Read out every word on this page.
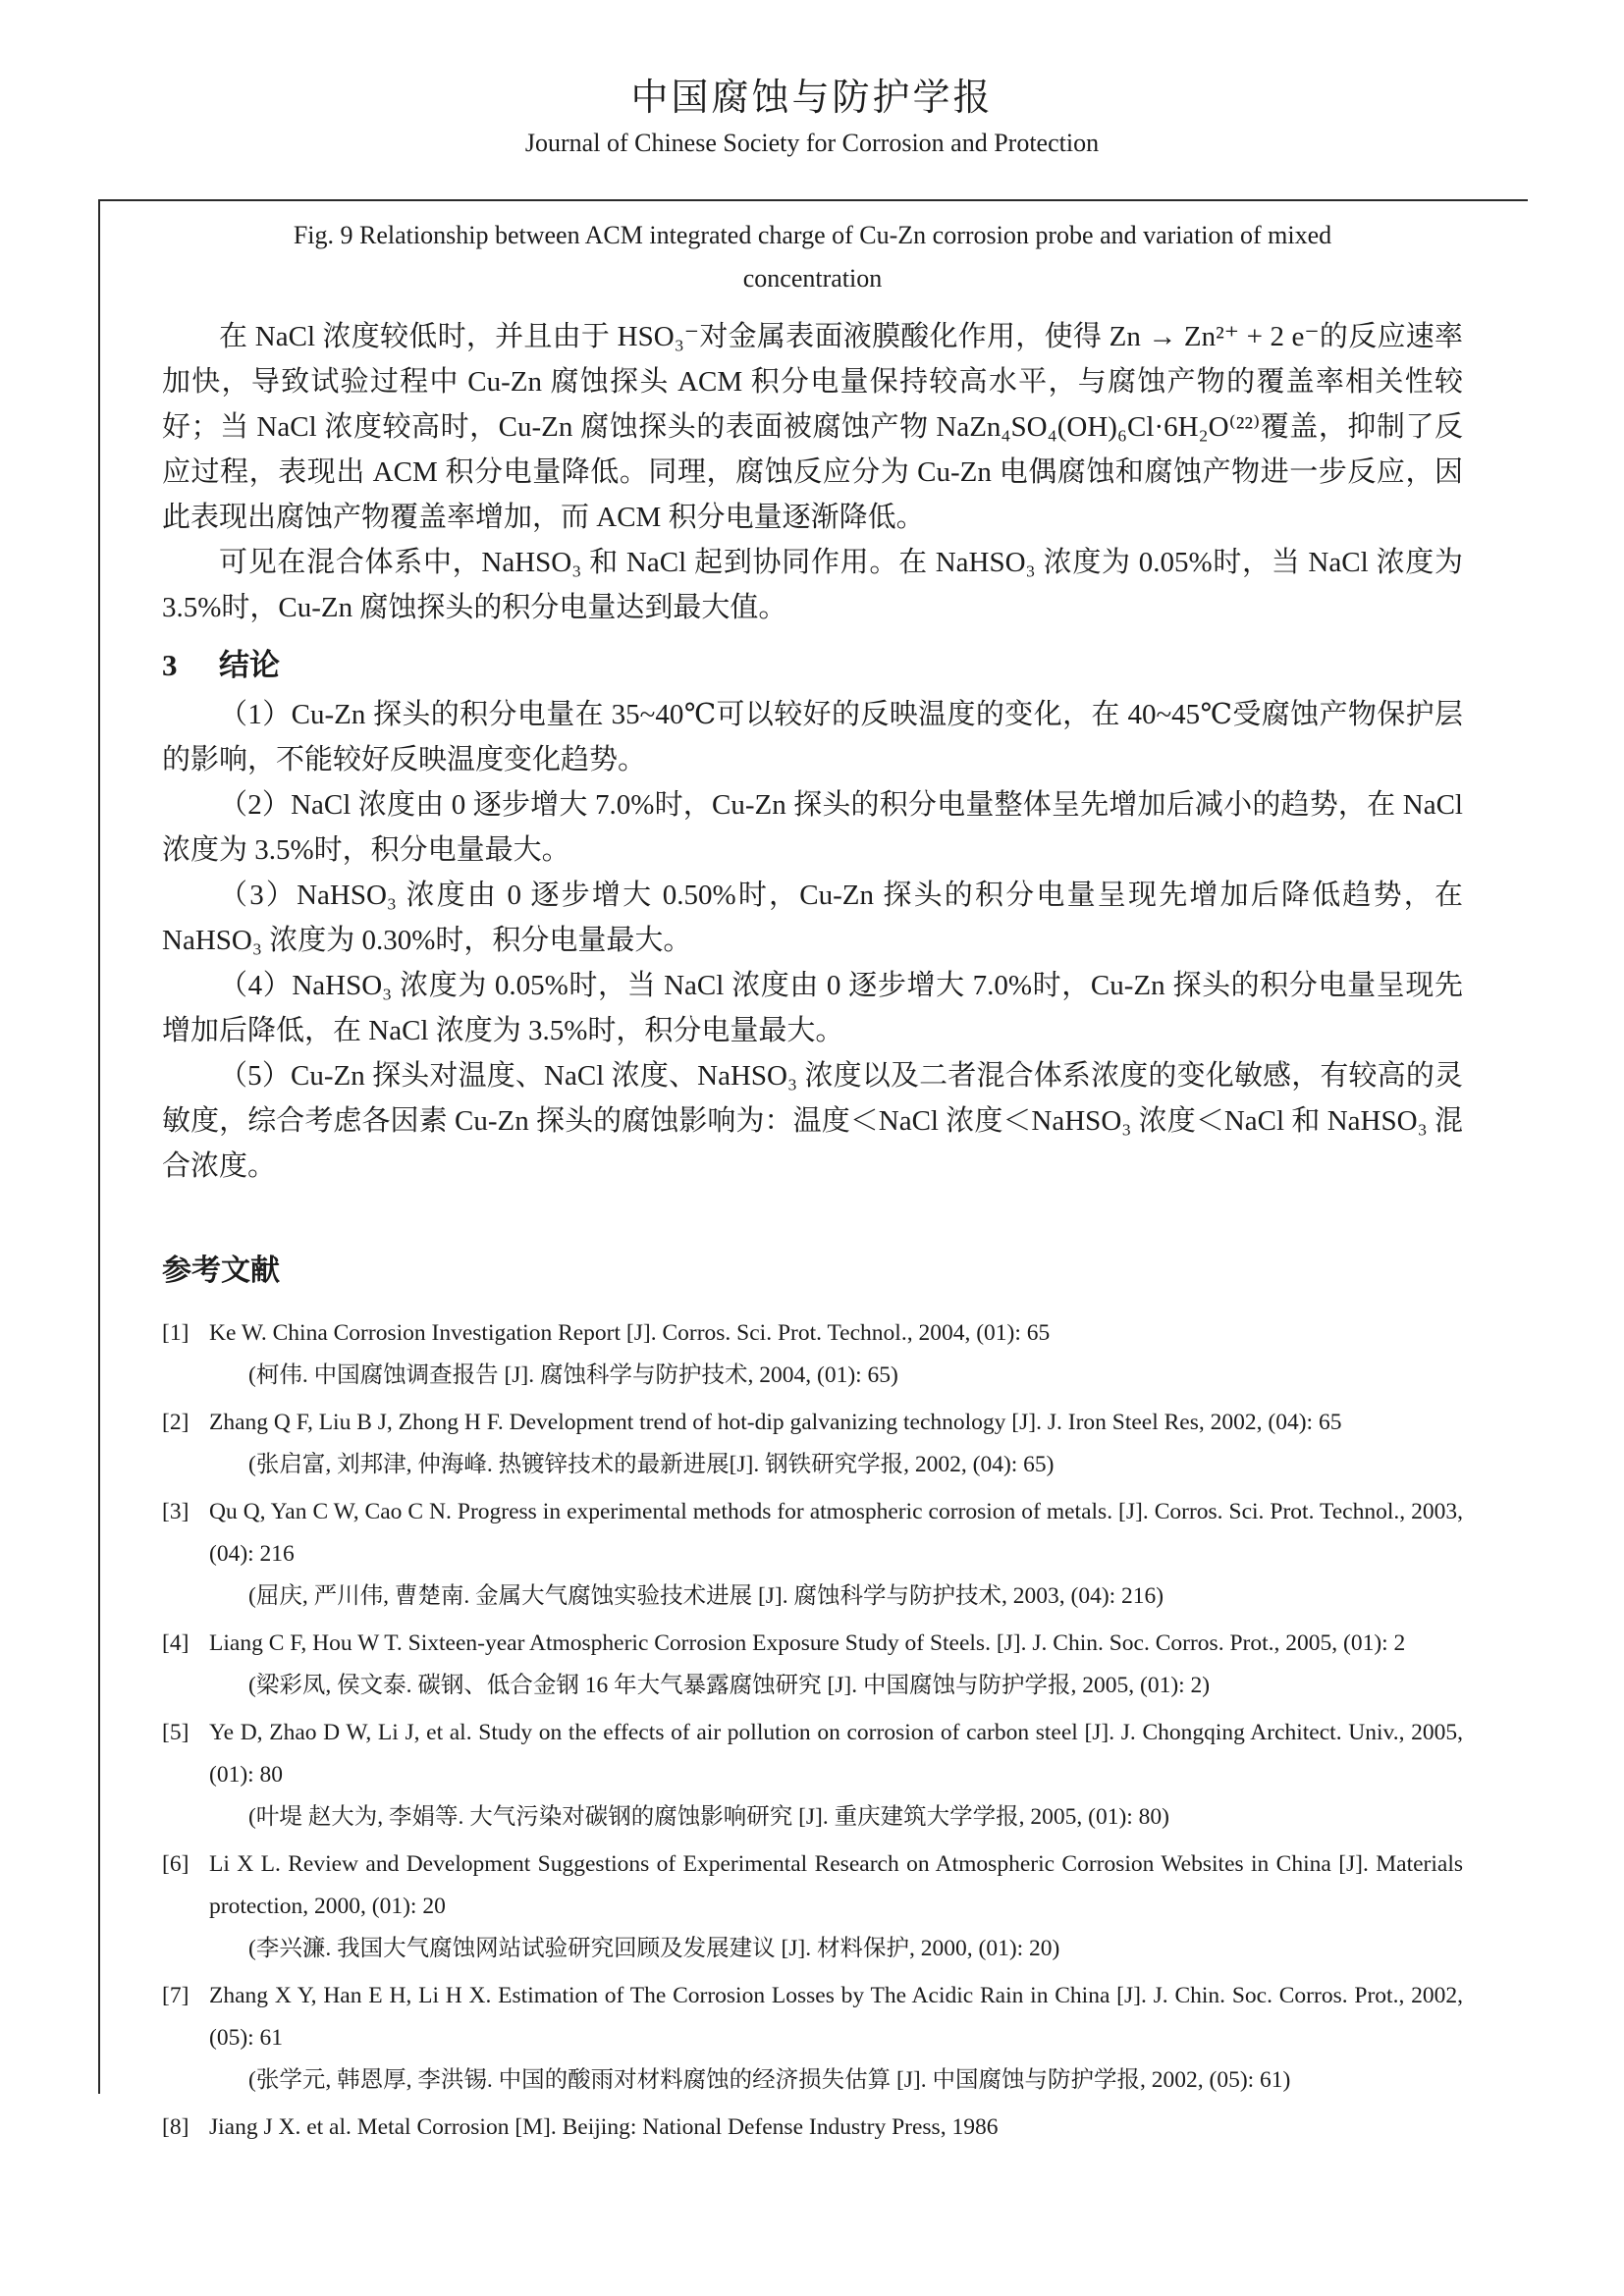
中国腐蚀与防护学报
Journal of Chinese Society for Corrosion and Protection
Fig. 9 Relationship between ACM integrated charge of Cu-Zn corrosion probe and variation of mixed
concentration

在 NaCl 浓度较低时，并且由于 HSO₃⁻对金属表面液膜酸化作用，使得 Zn → Zn²⁺ + 2 e⁻的反应速率加快，导致试验过程中 Cu-Zn 腐蚀探头 ACM 积分电量保持较高水平，与腐蚀产物的覆盖率相关性较好；当 NaCl 浓度较高时，Cu-Zn 腐蚀探头的表面被腐蚀产物 NaZn₄SO₄(OH)₆Cl·6H₂O⁽²²⁾覆盖，抑制了反应过程，表现出 ACM 积分电量降低。同理，腐蚀反应分为 Cu-Zn 电偶腐蚀和腐蚀产物进一步反应，因此表现出腐蚀产物覆盖率增加，而 ACM 积分电量逐渐降低。

可见在混合体系中，NaHSO₃ 和 NaCl 起到协同作用。在 NaHSO₃ 浓度为 0.05%时，当 NaCl 浓度为 3.5%时，Cu-Zn 腐蚀探头的积分电量达到最大值。

3 结论

（1）Cu-Zn 探头的积分电量在 35~40℃可以较好的反映温度的变化，在 40~45℃受腐蚀产物保护层的影响，不能较好反映温度变化趋势。

（2）NaCl 浓度由 0 逐步增大 7.0%时，Cu-Zn 探头的积分电量整体呈先增加后减小的趋势，在 NaCl 浓度为 3.5%时，积分电量最大。

（3）NaHSO₃ 浓度由 0 逐步增大 0.50%时，Cu-Zn 探头的积分电量呈现先增加后降低趋势，在 NaHSO₃ 浓度为 0.30%时，积分电量最大。

（4）NaHSO₃ 浓度为 0.05%时，当 NaCl 浓度由 0 逐步增大 7.0%时，Cu-Zn 探头的积分电量呈现先增加后降低，在 NaCl 浓度为 3.5%时，积分电量最大。

（5）Cu-Zn 探头对温度、NaCl 浓度、NaHSO₃ 浓度以及二者混合体系浓度的变化敏感，有较高的灵敏度，综合考虑各因素 Cu-Zn 探头的腐蚀影响为：温度＜NaCl 浓度＜NaHSO₃ 浓度＜NaCl 和 NaHSO₃ 混合浓度。

参考文献
[1] Ke W. China Corrosion Investigation Report [J]. Corros. Sci. Prot. Technol., 2004, (01): 65
(柯伟. 中国腐蚀调查报告 [J]. 腐蚀科学与防护技术, 2004, (01): 65)
[2] Zhang Q F, Liu B J, Zhong H F. Development trend of hot-dip galvanizing technology [J]. J. Iron Steel Res, 2002, (04): 65
(张启富, 刘邦津, 仲海峰. 热镀锌技术的最新进展[J]. 钢铁研究学报, 2002, (04): 65)
[3] Qu Q, Yan C W, Cao C N. Progress in experimental methods for atmospheric corrosion of metals. [J]. Corros. Sci. Prot. Technol., 2003, (04): 216
(屈庆, 严川伟, 曹楚南. 金属大气腐蚀实验技术进展 [J]. 腐蚀科学与防护技术, 2003, (04): 216)
[4] Liang C F, Hou W T. Sixteen-year Atmospheric Corrosion Exposure Study of Steels. [J]. J. Chin. Soc. Corros. Prot., 2005, (01): 2
(梁彩凤, 侯文泰. 碳钢、低合金钢 16 年大气暴露腐蚀研究 [J]. 中国腐蚀与防护学报, 2005, (01): 2)
[5] Ye D, Zhao D W, Li J, et al. Study on the effects of air pollution on corrosion of carbon steel [J]. J. Chongqing Architect. Univ., 2005, (01): 80
(叶堤 赵大为, 李娟等. 大气污染对碳钢的腐蚀影响研究 [J]. 重庆建筑大学学报, 2005, (01): 80)
[6] Li X L. Review and Development Suggestions of Experimental Research on Atmospheric Corrosion Websites in China [J]. Materials protection, 2000, (01): 20
(李兴濂. 我国大气腐蚀网站试验研究回顾及发展建议 [J]. 材料保护, 2000, (01): 20)
[7] Zhang X Y, Han E H, Li H X. Estimation of The Corrosion Losses by The Acidic Rain in China [J]. J. Chin. Soc. Corros. Prot., 2002, (05): 61
(张学元, 韩恩厚, 李洪锡. 中国的酸雨对材料腐蚀的经济损失估算 [J]. 中国腐蚀与防护学报, 2002, (05): 61)
[8] Jiang J X. et al. Metal Corrosion [M]. Beijing: National Defense Industry Press, 1986
